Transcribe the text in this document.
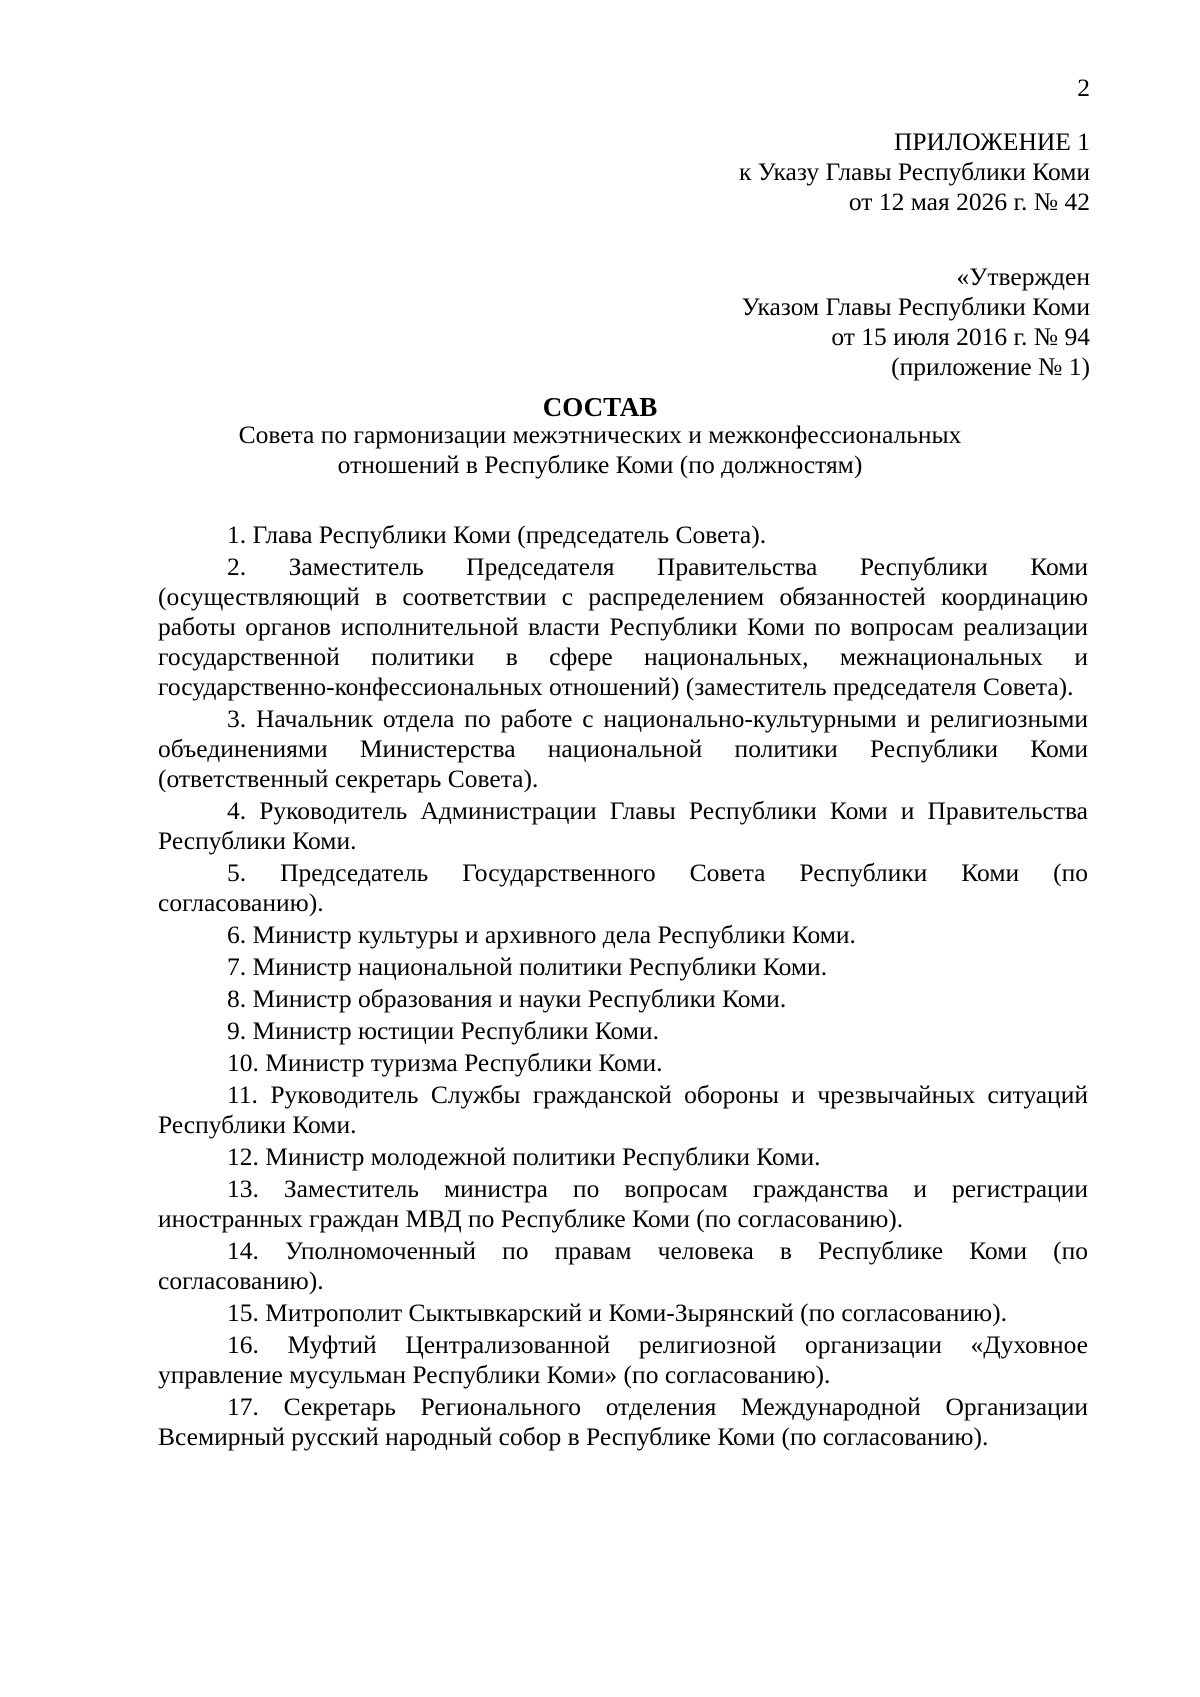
2
ПРИЛОЖЕНИЕ 1
к Указу Главы Республики Коми
от 12 мая 2026 г. № 42
«Утвержден
Указом Главы Республики Коми
от 15 июля 2016 г. № 94
(приложение № 1)
СОСТАВ
Совета по гармонизации межэтнических и межконфессиональных
отношений в Республике Коми (по должностям)

1. Глава Республики Коми (председатель Совета).

2. Заместитель Председателя Правительства Республики Коми (осуществляющий в соответствии с распределением обязанностей координацию работы органов исполнительной власти Республики Коми по вопросам реализации государственной политики в сфере национальных, межнациональных и государственно-конфессиональных отношений) (заместитель председателя Совета).

3. Начальник отдела по работе с национально-культурными и религиозными объединениями Министерства национальной политики Республики Коми (ответственный секретарь Совета).

4. Руководитель Администрации Главы Республики Коми и Правительства Республики Коми.

5. Председатель Государственного Совета Республики Коми (по согласованию).

6. Министр культуры и архивного дела Республики Коми.

7. Министр национальной политики Республики Коми.

8. Министр образования и науки Республики Коми.

9. Министр юстиции Республики Коми.

10. Министр туризма Республики Коми.

11. Руководитель Службы гражданской обороны и чрезвычайных ситуаций Республики Коми.

12. Министр молодежной политики Республики Коми.

13. Заместитель министра по вопросам гражданства и регистрации иностранных граждан МВД по Республике Коми (по согласованию).

14. Уполномоченный по правам человека в Республике Коми (по согласованию).

15. Митрополит Сыктывкарский и Коми-Зырянский (по согласованию).

16. Муфтий Централизованной религиозной организации «Духовное управление мусульман Республики Коми» (по согласованию).

17. Секретарь Регионального отделения Международной Организации Всемирный русский народный собор в Республике Коми (по согласованию).
